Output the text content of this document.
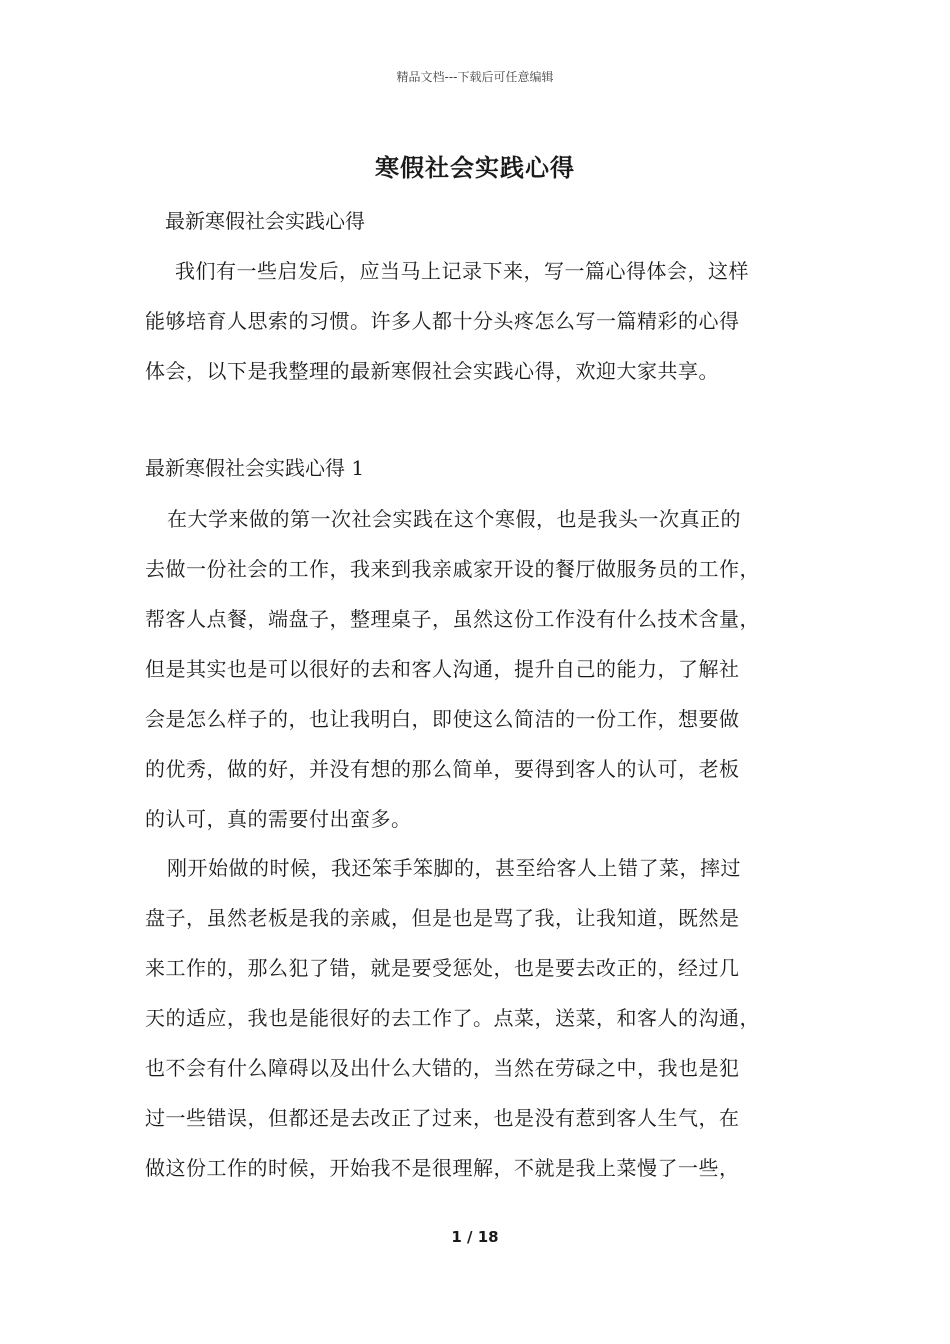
精品文档---下载后可任意编辑
寒假社会实践心得
最新寒假社会实践心得
我们有一些启发后，应当马上记录下来，写一篇心得体会，这样
能够培育人思索的习惯。许多人都十分头疼怎么写一篇精彩的心得
体会，以下是我整理的最新寒假社会实践心得，欢迎大家共享。
最新寒假社会实践心得 1
在大学来做的第一次社会实践在这个寒假，也是我头一次真正的
去做一份社会的工作，我来到我亲戚家开设的餐厅做服务员的工作，
帮客人点餐，端盘子，整理桌子，虽然这份工作没有什么技术含量，
但是其实也是可以很好的去和客人沟通，提升自己的能力，了解社
会是怎么样子的，也让我明白，即使这么简洁的一份工作，想要做
的优秀，做的好，并没有想的那么简单，要得到客人的认可，老板
的认可，真的需要付出蛮多。
刚开始做的时候，我还笨手笨脚的，甚至给客人上错了菜，摔过
盘子，虽然老板是我的亲戚，但是也是骂了我，让我知道，既然是
来工作的，那么犯了错，就是要受惩处，也是要去改正的，经过几
天的适应，我也是能很好的去工作了。点菜，送菜，和客人的沟通，
也不会有什么障碍以及出什么大错的，当然在劳碌之中，我也是犯
过一些错误，但都还是去改正了过来，也是没有惹到客人生气，在
做这份工作的时候，开始我不是很理解，不就是我上菜慢了一些，
1 / 18
